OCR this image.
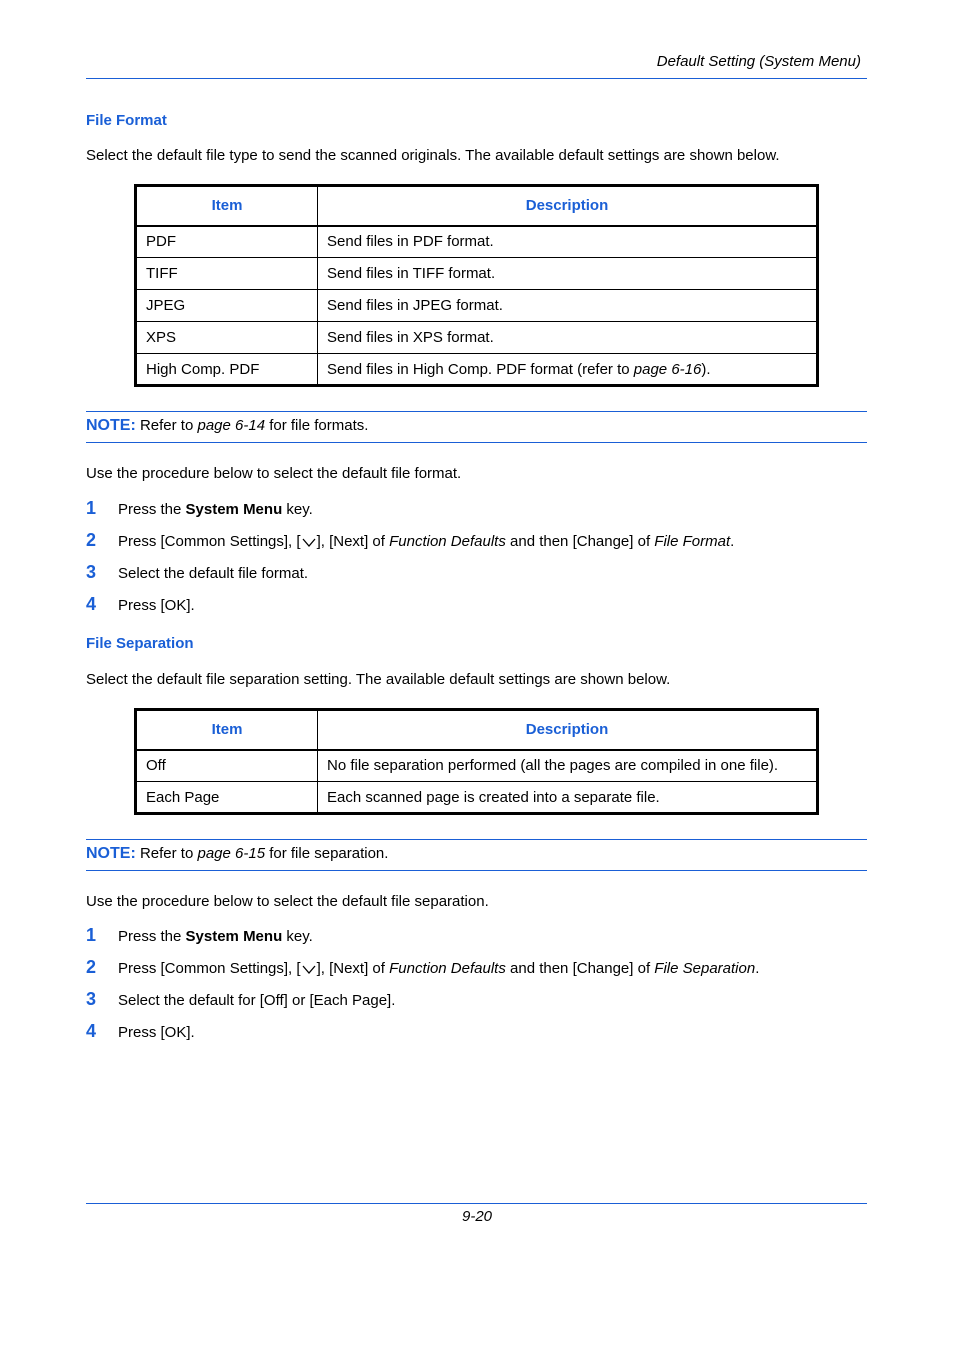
Default Setting (System Menu)
File Format
Select the default file type to send the scanned originals. The available default settings are shown below.
Item	Description
PDF	Send files in PDF format.
TIFF	Send files in TIFF format.
JPEG	Send files in JPEG format.
XPS	Send files in XPS format.
High Comp. PDF	Send files in High Comp. PDF format (refer to page 6-16).
NOTE: Refer to page 6-14 for file formats.
Use the procedure below to select the default file format.
1 Press the System Menu key.
2 Press [Common Settings], [ ], [Next] of Function Defaults and then [Change] of File Format.
3 Select the default file format.
4 Press [OK].
File Separation
Select the default file separation setting. The available default settings are shown below.
Item	Description
Off	No file separation performed (all the pages are compiled in one file).
Each Page	Each scanned page is created into a separate file.
NOTE: Refer to page 6-15 for file separation.
Use the procedure below to select the default file separation.
1 Press the System Menu key.
2 Press [Common Settings], [ ], [Next] of Function Defaults and then [Change] of File Separation.
3 Select the default for [Off] or [Each Page].
4 Press [OK].
9-20
